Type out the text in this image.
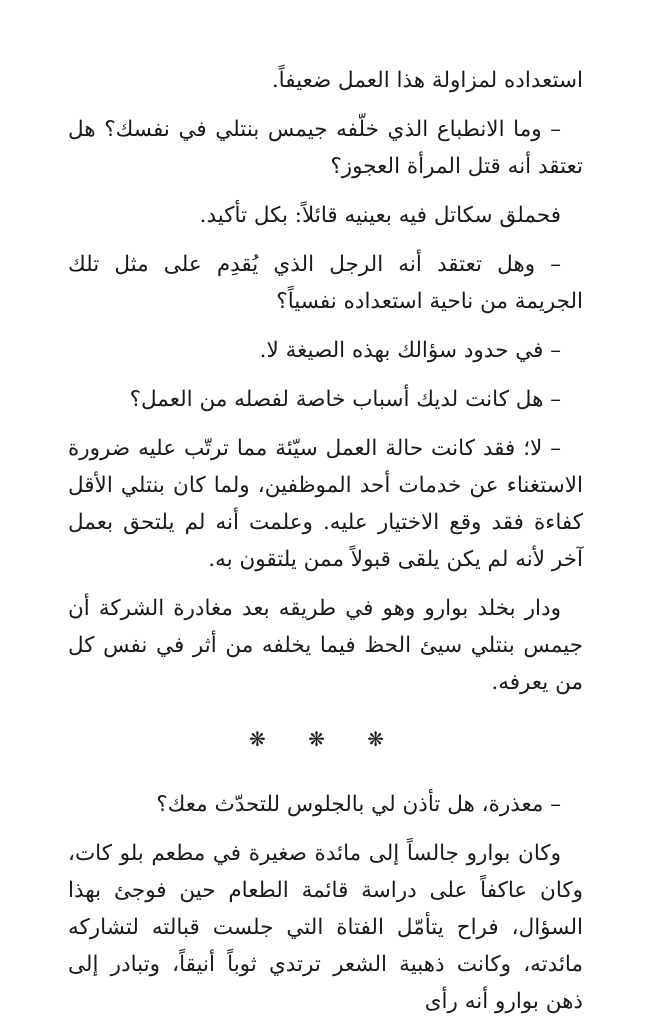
استعداده لمزاولة هذا العمل ضعيفاً.

– وما الانطباع الذي خلّفه جيمس بنتلي في نفسك؟ هل تعتقد أنه قتل المرأة العجوز؟

فحملق سكاتل فيه بعينيه قائلاً: بكل تأكيد.

– وهل تعتقد أنه الرجل الذي يُقدِم على مثل تلك الجريمة من ناحية استعداده نفسياً؟

– في حدود سؤالك بهذه الصيغة لا.

– هل كانت لديك أسباب خاصة لفصله من العمل؟

– لا؛ فقد كانت حالة العمل سيّئة مما ترتّب عليه ضرورة الاستغناء عن خدمات أحد الموظفين، ولما كان بنتلي الأقل كفاءة فقد وقع الاختيار عليه. وعلمت أنه لم يلتحق بعمل آخر لأنه لم يكن يلقى قبولاً ممن يلتقون به.

ودار بخلد بوارو وهو في طريقه بعد مغادرة الشركة أن جيمس بنتلي سيئ الحظ فيما يخلفه من أثر في نفس كل من يعرفه.

❋ ❋ ❋

– معذرة، هل تأذن لي بالجلوس للتحدّث معك؟

وكان بوارو جالساً إلى مائدة صغيرة في مطعم بلو كات، وكان عاكفاً على دراسة قائمة الطعام حين فوجئ بهذا السؤال، فراح يتأمّل الفتاة التي جلست قبالته لتشاركه مائدته، وكانت ذهبية الشعر ترتدي ثوباً أنيقاً، وتبادر إلى ذهن بوارو أنه رأى
